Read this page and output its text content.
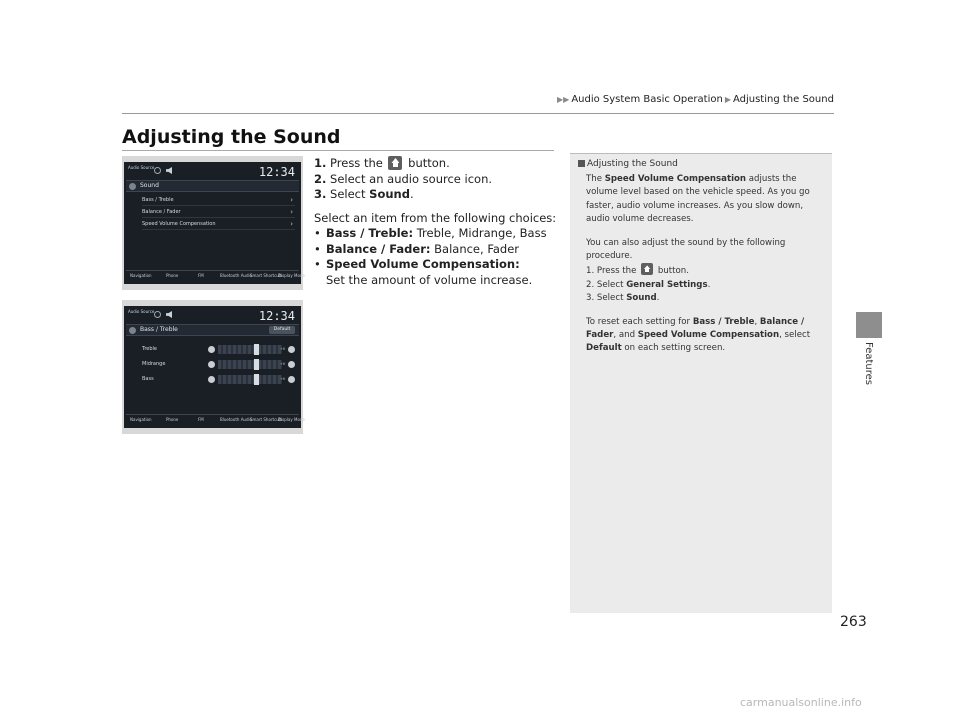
▶▶ Audio System Basic Operation ▶ Adjusting the Sound
Features
Adjusting the Sound
Audio Source	12:34
Sound
Bass / Treble	›
Balance / Fader	›
Speed Volume Compensation	›
Navigation	Phone	FM	Bluetooth Audio
Smart Shortcuts
Display Mode
Audio Source	12:34
Bass / Treble	Default
Treble	+6
Midrange	+6
Bass	+6
Navigation	Phone	FM	Bluetooth Audio
Smart Shortcuts
Display Mode
1. Press the button.
2. Select an audio source icon.
3. Select Sound.
Select an item from the following choices:
• Bass / Treble: Treble, Midrange, Bass
• Balance / Fader: Balance, Fader
• Speed Volume Compensation: Set the amount of volume increase.
Adjusting the Sound

The Speed Volume Compensation adjusts the volume level based on the vehicle speed. As you go faster, audio volume increases. As you slow down, audio volume decreases.

You can also adjust the sound by the following procedure.

1. Press the button.

2. Select General Settings.

3. Select Sound.

To reset each setting for Bass / Treble, Balance / Fader, and Speed Volume Compensation, select Default on each setting screen.

263
carmanualsonline.info
